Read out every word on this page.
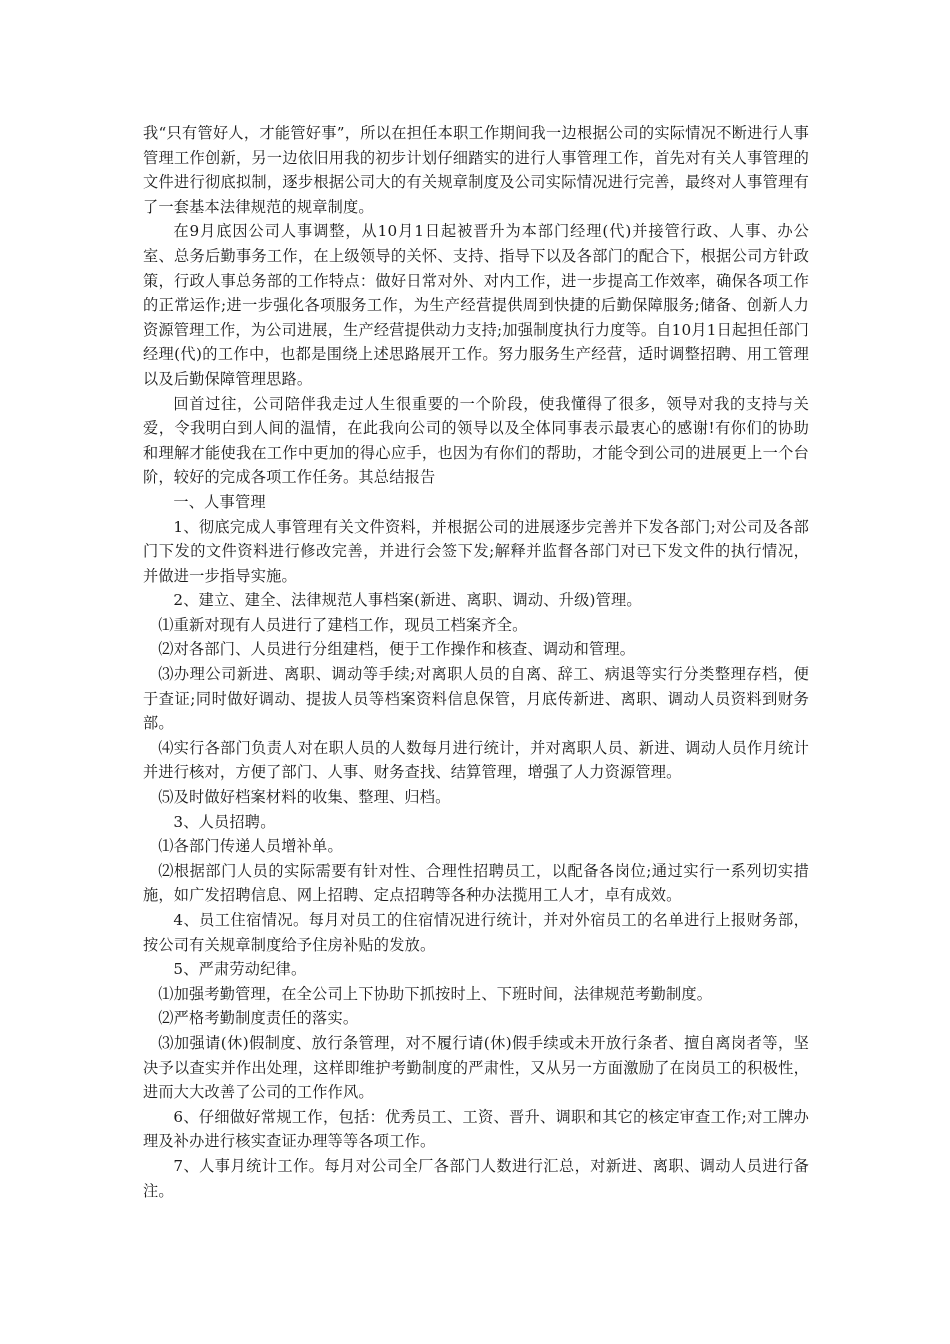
我“只有管好人，才能管好事”，所以在担任本职工作期间我一边根据公司的实际情况不断进行人事管理工作创新，另一边依旧用我的初步计划仔细踏实的进行人事管理工作，首先对有关人事管理的文件进行彻底拟制，逐步根据公司大的有关规章制度及公司实际情况进行完善，最终对人事管理有了一套基本法律规范的规章制度。

在9月底因公司人事调整，从10月1日起被晋升为本部门经理(代)并接管行政、人事、办公室、总务后勤事务工作，在上级领导的关怀、支持、指导下以及各部门的配合下，根据公司方针政策，行政人事总务部的工作特点：做好日常对外、对内工作，进一步提高工作效率，确保各项工作的正常运作;进一步强化各项服务工作，为生产经营提供周到快捷的后勤保障服务;储备、创新人力资源管理工作，为公司进展，生产经营提供动力支持;加强制度执行力度等。自10月1日起担任部门经理(代)的工作中，也都是围绕上述思路展开工作。努力服务生产经营，适时调整招聘、用工管理以及后勤保障管理思路。

回首过往，公司陪伴我走过人生很重要的一个阶段，使我懂得了很多，领导对我的支持与关爱，令我明白到人间的温情，在此我向公司的领导以及全体同事表示最衷心的感谢!有你们的协助和理解才能使我在工作中更加的得心应手，也因为有你们的帮助，才能令到公司的进展更上一个台阶，较好的完成各项工作任务。其总结报告

一、人事管理

1、彻底完成人事管理有关文件资料，并根据公司的进展逐步完善并下发各部门;对公司及各部门下发的文件资料进行修改完善，并进行会签下发;解释并监督各部门对已下发文件的执行情况，并做进一步指导实施。

2、建立、建全、法律规范人事档案(新进、离职、调动、升级)管理。

⑴重新对现有人员进行了建档工作，现员工档案齐全。

⑵对各部门、人员进行分组建档，便于工作操作和核查、调动和管理。

⑶办理公司新进、离职、调动等手续;对离职人员的自离、辞工、病退等实行分类整理存档，便于查证;同时做好调动、提拔人员等档案资料信息保管，月底传新进、离职、调动人员资料到财务部。

⑷实行各部门负责人对在职人员的人数每月进行统计，并对离职人员、新进、调动人员作月统计并进行核对，方便了部门、人事、财务查找、结算管理，增强了人力资源管理。

⑸及时做好档案材料的收集、整理、归档。

3、人员招聘。

⑴各部门传递人员增补单。

⑵根据部门人员的实际需要有针对性、合理性招聘员工，以配备各岗位;通过实行一系列切实措施，如广发招聘信息、网上招聘、定点招聘等各种办法揽用工人才，卓有成效。

4、员工住宿情况。每月对员工的住宿情况进行统计，并对外宿员工的名单进行上报财务部，按公司有关规章制度给予住房补贴的发放。

5、严肃劳动纪律。

⑴加强考勤管理，在全公司上下协助下抓按时上、下班时间，法律规范考勤制度。

⑵严格考勤制度责任的落实。

⑶加强请(休)假制度、放行条管理，对不履行请(休)假手续或未开放行条者、擅自离岗者等，坚决予以查实并作出处理，这样即维护考勤制度的严肃性，又从另一方面激励了在岗员工的积极性，进而大大改善了公司的工作作风。

6、仔细做好常规工作，包括：优秀员工、工资、晋升、调职和其它的核定审查工作;对工牌办理及补办进行核实查证办理等等各项工作。

7、人事月统计工作。每月对公司全厂各部门人数进行汇总，对新进、离职、调动人员进行备注。
